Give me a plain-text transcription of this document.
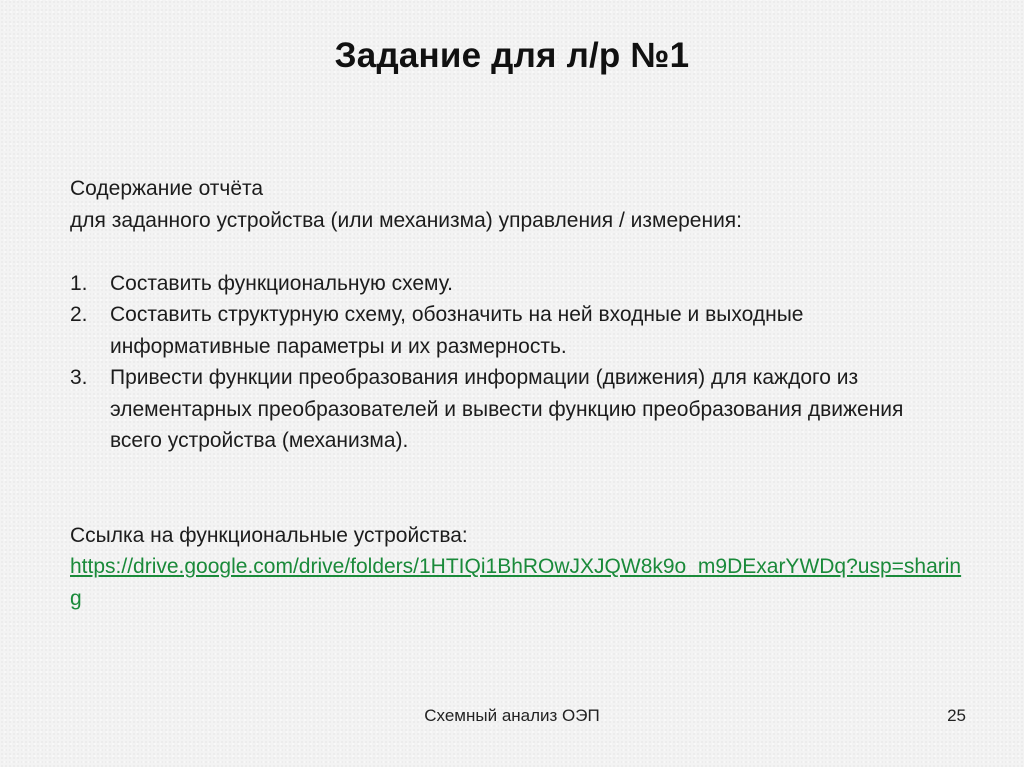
Задание для л/р №1
Содержание отчёта
для заданного устройства (или механизма) управления / измерения:
1.	Составить функциональную схему.
2.	Составить структурную схему, обозначить на ней входные и выходные информативные параметры и их размерность.
3.	Привести функции преобразования информации (движения) для каждого из элементарных преобразователей и вывести функцию преобразования движения всего устройства (механизма).
Ссылка на функциональные устройства:
https://drive.google.com/drive/folders/1HTIQi1BhROwJXJQW8k9o_m9DExarYWDq?usp=sharing
Схемный анализ ОЭП	25
